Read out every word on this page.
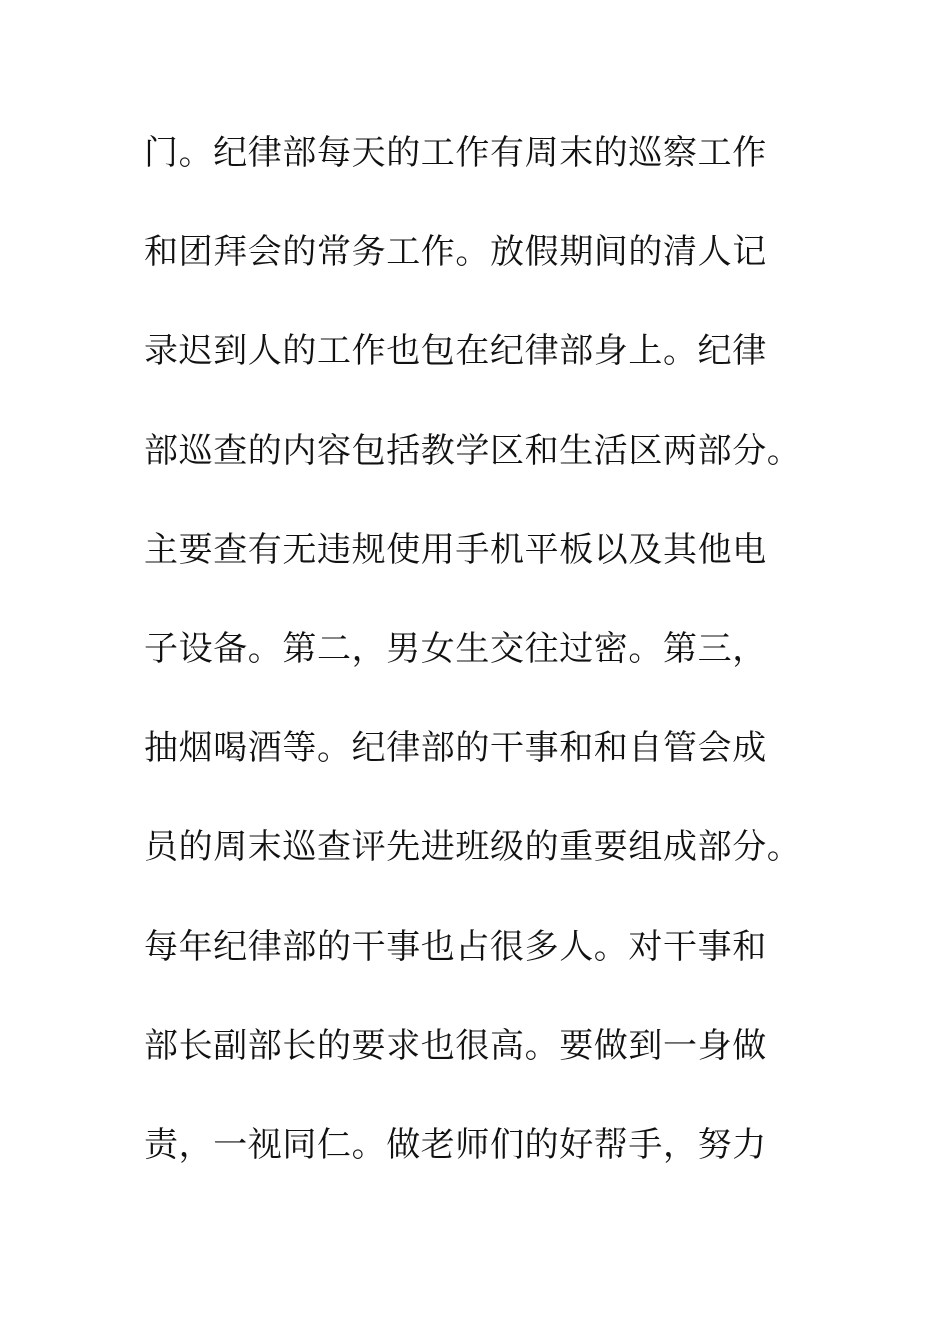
门。纪律部每天的工作有周末的巡察工作
和团拜会的常务工作。放假期间的清人记
录迟到人的工作也包在纪律部身上。纪律
部巡查的内容包括教学区和生活区两部分。
主要查有无违规使用手机平板以及其他电
子设备。第二，男女生交往过密。第三，
抽烟喝酒等。纪律部的干事和和自管会成
员的周末巡查评先进班级的重要组成部分。
每年纪律部的干事也占很多人。对干事和
部长副部长的要求也很高。要做到一身做
责，一视同仁。做老师们的好帮手，努力
